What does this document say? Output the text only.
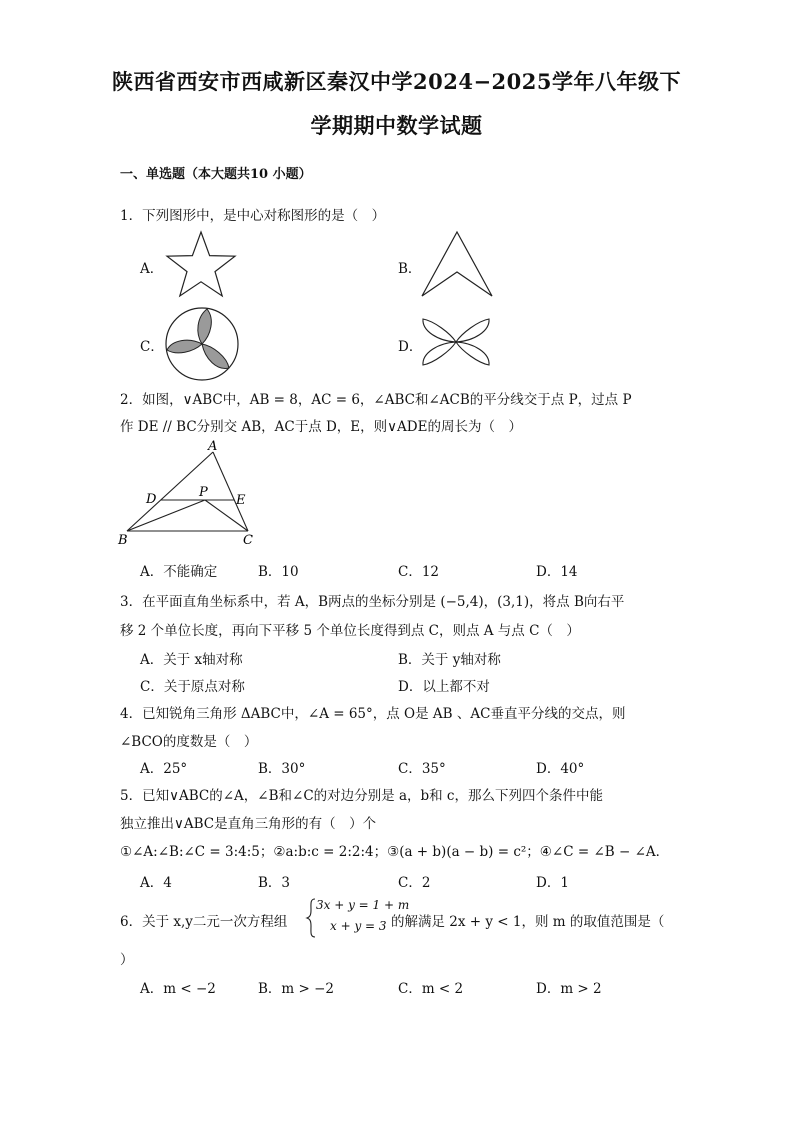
陕西省西安市西咸新区秦汉中学2024−2025学年八年级下
学期期中数学试题
一、单选题（本大题共10 小题）
1．下列图形中，是中心对称图形的是（　）
A．	B．
C．	D．
2．如图，∨ABC中，AB = 8，AC = 6，∠ABC和∠ACB的平分线交于点 P，过点 P
作 DE // BC分别交 AB，AC于点 D，E，则∨ADE的周长为（　）
A
D	P
E
B	C
A．不能确定	B．10	C．12	D．14
3．在平面直角坐标系中，若 A，B两点的坐标分别是 (−5,4)，(3,1)，将点 B向右平
移 2 个单位长度，再向下平移 5 个单位长度得到点 C，则点 A 与点 C（　）
A．关于 x轴对称	B．关于 y轴对称
C．关于原点对称	D．以上都不对
4．已知锐角三角形 ΔABC中，∠A = 65°，点 O是 AB 、AC垂直平分线的交点，则
∠BCO的度数是（　）
A．25°	B．30°	C．35°	D．40°
5．已知∨ABC的∠A，∠B和∠C的对边分别是 a，b和 c，那么下列四个条件中能
独立推出∨ABC是直角三角形的有（　）个
①∠A:∠B:∠C = 3:4:5；②a:b:c = 2:2:4；③(a + b)(a − b) = c²；④∠C = ∠B − ∠A．
A．4	B．3	C．2	D．1
6．关于 x,y二元一次方程组
3x + y = 1 + m
x + y = 3 的解满足 2x + y < 1，则 m 的取值范围是（
）
A．m < −2	B．m > −2	C．m < 2	D．m > 2
